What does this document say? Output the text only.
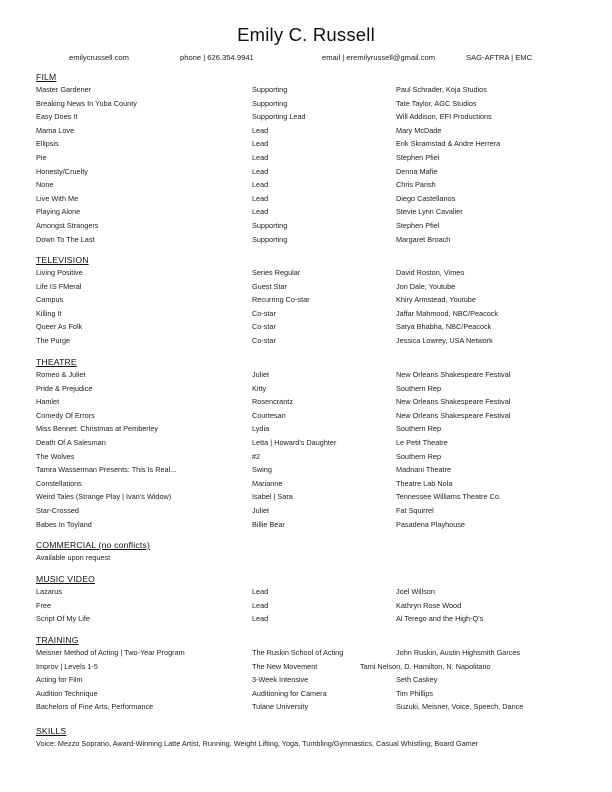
Emily C. Russell
emilycrussell.com	phone | 626.354.9941	email | eremilyrussell@gmail.com	SAG-AFTRA | EMC
FILM
Master Gardener	Supporting	Paul Schrader, Koja Studios
Breaking News In Yuba County	Supporting	Tate Taylor, AGC Studios
Easy Does It	Supporting Lead	Will Addison, EFI Productions
Mama Love	Lead	Mary McDade
Ellipsis	Lead	Erik Skramstad & Andre Herrera
Pie	Lead	Stephen Pfiel
Honesty/Cruelty	Lead	Denna Mafie
None	Lead	Chris Parish
Live With Me	Lead	Diego Castellanos
Playing Alone	Lead	Stevie Lynn Cavalier
Amongst Strangers	Supporting	Stephen Pfiel
Down To The Last	Supporting	Margaret Broach
TELEVISION
Living Positive	Series Regular	David Roston, Vimeo
Life IS FMeral	Guest Star	Jon Dale, Youtube
Campus	Recurring Co-star	Khiry Armstead, Youtube
Killing It	Co-star	Jaffar Mahmood, NBC/Peacock
Queer As Folk	Co-star	Satya Bhabha, NBC/Peacock
The Purge	Co-star	Jessica Lowrey, USA Network
THEATRE
Romeo & Juliet	Juliet	New Orleans Shakespeare Festival
Pride & Prejudice	Kitty	Southern Rep
Hamlet	Rosencrantz	New Orleans Shakespeare Festival
Comedy Of Errors	Courtesan	New Orleans Shakespeare Festival
Miss Bennet: Christmas at Pemberley	Lydia	Southern Rep
Death Of A Salesman	Letta | Howard's Daughter	Le Petit Theatre
The Wolves	#2	Southern Rep
Tamra Wasserman Presents: This Is Real...	Swing	Madnani Theatre
Constellations	Marianne	Theatre Lab Nola
Weird Tales (Strange Play | Ivan's Widow)	Isabel | Sara	Tennessee Williams Theatre Co.
Star-Crossed	Juliet	Fat Squirrel
Babes In Toyland	Billie Bear	Pasadena Playhouse
COMMERCIAL (no conflicts)
Available upon request
MUSIC VIDEO
Lazarus	Lead	Joel Willson
Free	Lead	Kathryn Rose Wood
Script Of My Life	Lead	Al Terego and the High-Q's
TRAINING
Meisner Method of Acting | Two-Year Program	The Ruskin School of Acting	John Ruskin, Austin Highsmith Garces
Improv | Levels 1-5	The New Movement	Tami Nelson, D. Hamilton, N. Napolitano
Acting for Film	3-Week Intensive	Seth Caskey
Audition Technique	Auditioning for Camera	Tim Phillips
Bachelors of Fine Arts, Performance	Tulane University	Suzuki, Meisner, Voice, Speech, Dance
SKILLS
Voice: Mezzo Soprano, Award-Winning Latte Artist, Running, Weight Lifting, Yoga, Tumbling/Gymnastics, Casual Whistling, Board Gamer
